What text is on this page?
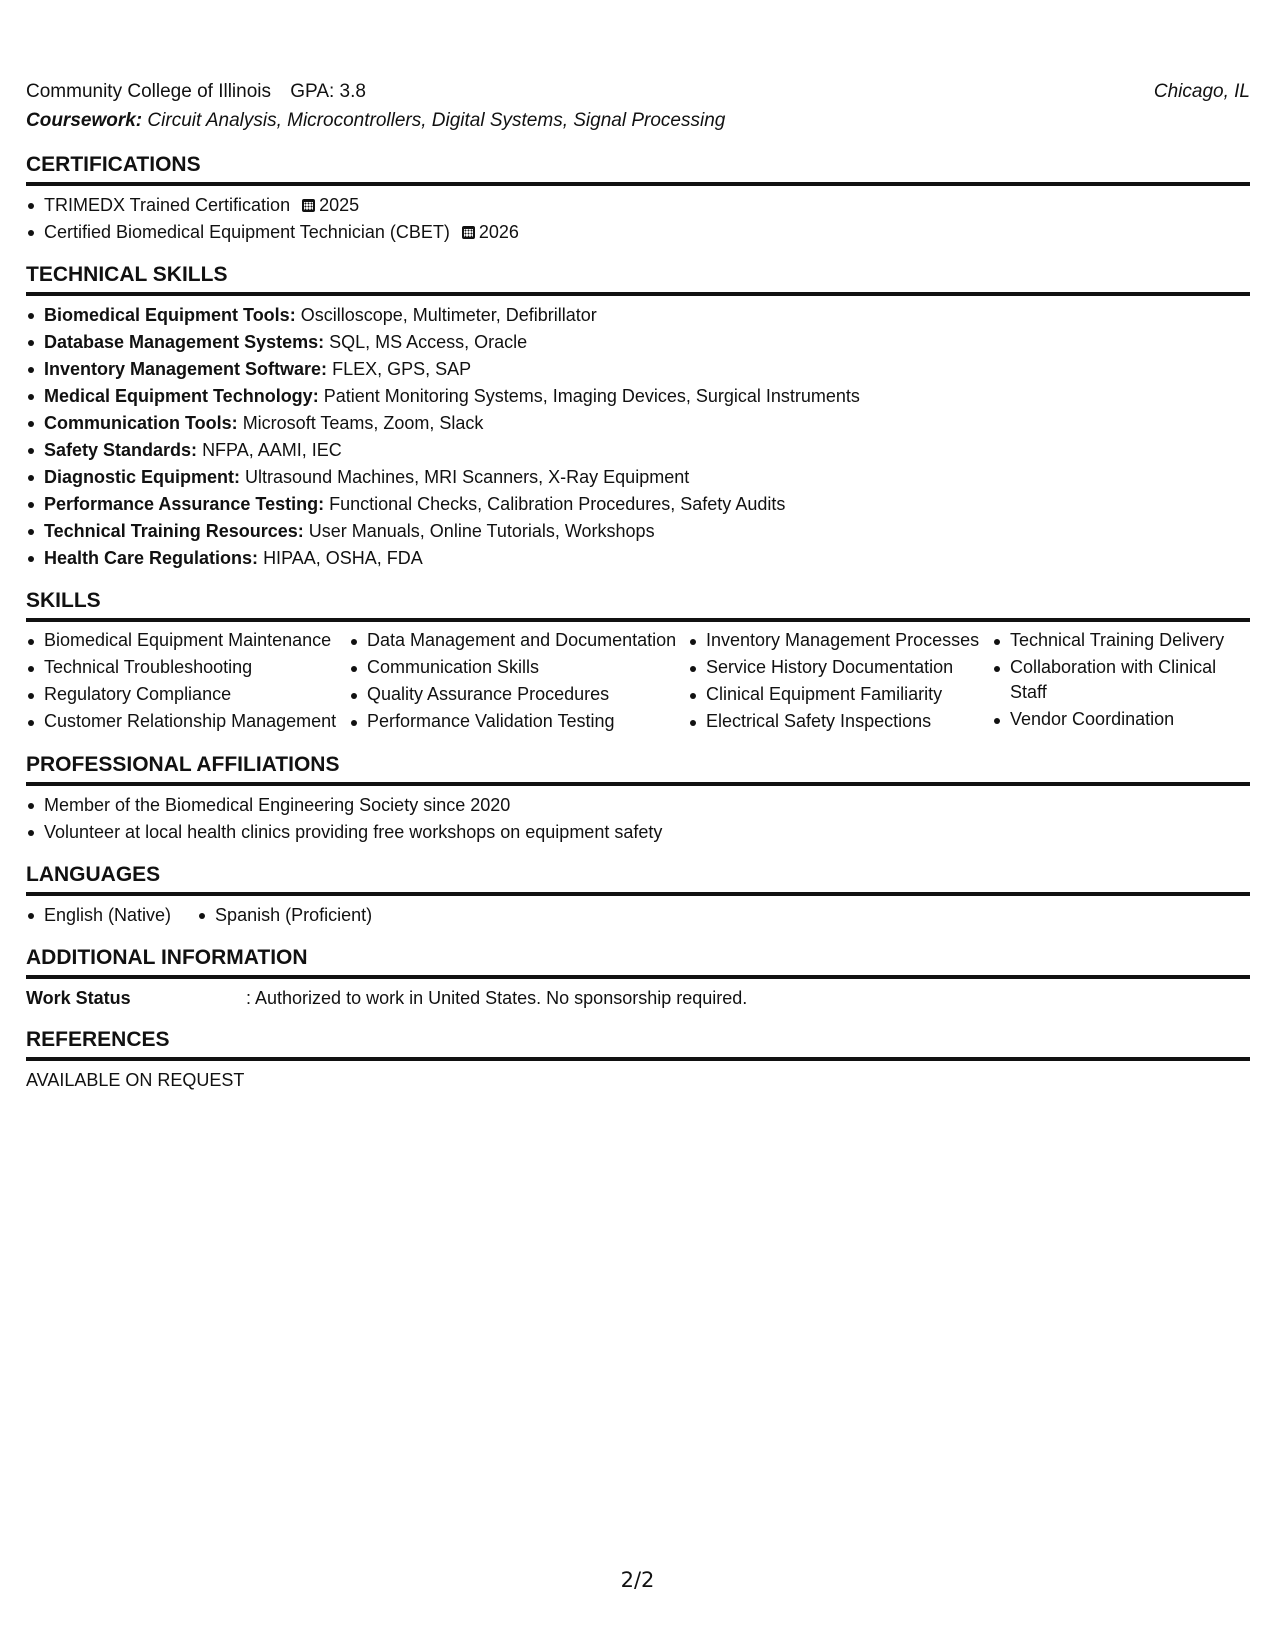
Community College of Illinois GPA: 3.8	Chicago, IL
Coursework: Circuit Analysis, Microcontrollers, Digital Systems, Signal Processing
CERTIFICATIONS
TRIMEDX Trained Certification 2025
Certified Biomedical Equipment Technician (CBET) 2026
TECHNICAL SKILLS
Biomedical Equipment Tools: Oscilloscope, Multimeter, Defibrillator
Database Management Systems: SQL, MS Access, Oracle
Inventory Management Software: FLEX, GPS, SAP
Medical Equipment Technology: Patient Monitoring Systems, Imaging Devices, Surgical Instruments
Communication Tools: Microsoft Teams, Zoom, Slack
Safety Standards: NFPA, AAMI, IEC
Diagnostic Equipment: Ultrasound Machines, MRI Scanners, X-Ray Equipment
Performance Assurance Testing: Functional Checks, Calibration Procedures, Safety Audits
Technical Training Resources: User Manuals, Online Tutorials, Workshops
Health Care Regulations: HIPAA, OSHA, FDA
SKILLS
Biomedical Equipment Maintenance
Technical Troubleshooting
Regulatory Compliance
Customer Relationship Management
Data Management and Documentation
Communication Skills
Quality Assurance Procedures
Performance Validation Testing
Inventory Management Processes
Service History Documentation
Clinical Equipment Familiarity
Electrical Safety Inspections
Technical Training Delivery
Collaboration with Clinical Staff
Vendor Coordination
PROFESSIONAL AFFILIATIONS
Member of the Biomedical Engineering Society since 2020
Volunteer at local health clinics providing free workshops on equipment safety
LANGUAGES
English (Native)	Spanish (Proficient)
ADDITIONAL INFORMATION
Work Status	: Authorized to work in United States. No sponsorship required.
REFERENCES
AVAILABLE ON REQUEST
2/2
